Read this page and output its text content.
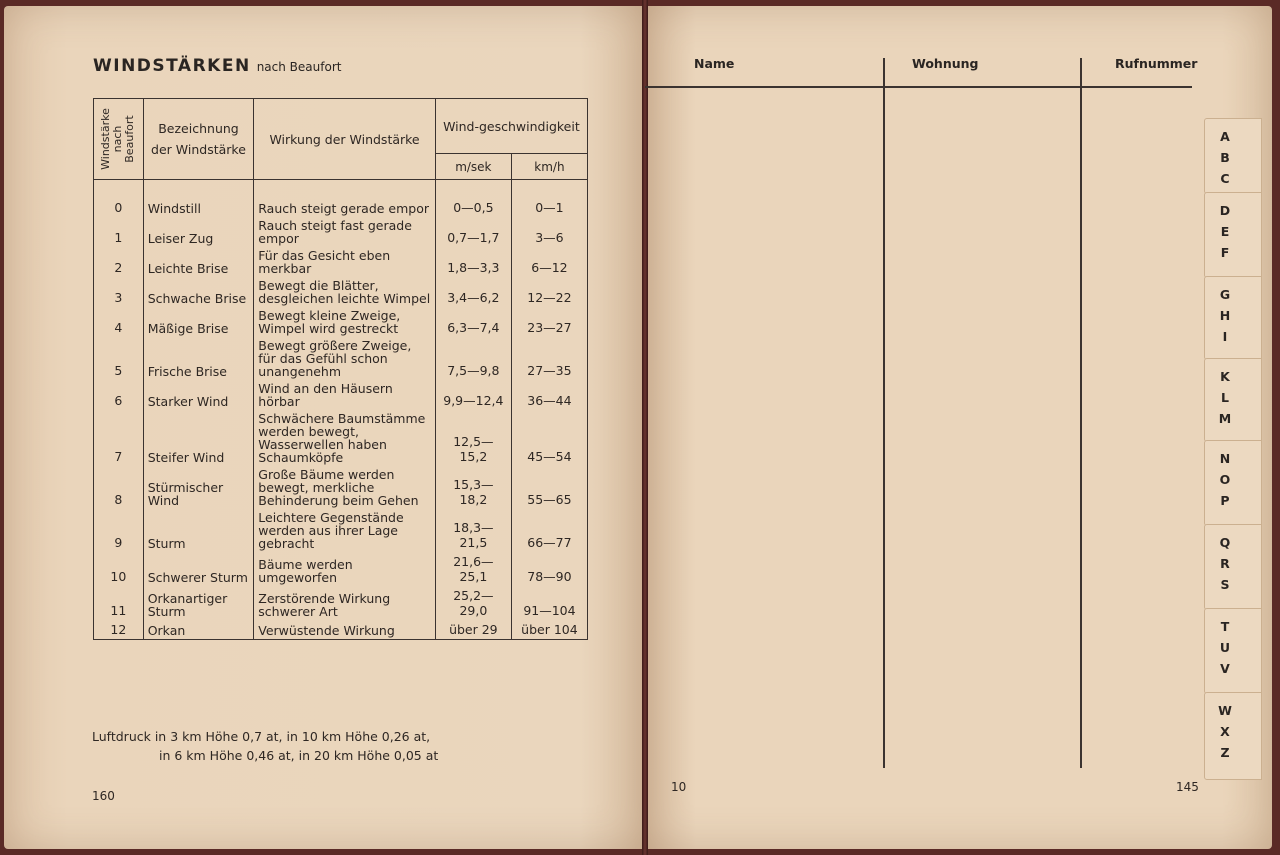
WINDSTÄRKEN nach Beaufort
Windstärke
nach
Beaufort	Bezeichnung der Windstärke	Wirkung der Windstärke	Wind-geschwindigkeit	
			m/sek	km/h

0	Windstill	Rauch steigt gerade empor	0—0,5	0—1
1	Leiser Zug	Rauch steigt fast gerade empor	0,7—1,7	3—6
2	Leichte Brise	Für das Gesicht eben merkbar	1,8—3,3	6—12
3	Schwache Brise	Bewegt die Blätter, desgleichen leichte Wimpel	3,4—6,2	12—22
4	Mäßige Brise	Bewegt kleine Zweige, Wimpel wird gestreckt	6,3—7,4	23—27
5	Frische Brise	Bewegt größere Zweige, für das Gefühl schon unangenehm	7,5—9,8	27—35
6	Starker Wind	Wind an den Häusern hörbar	9,9—12,4	36—44
7	Steifer Wind	Schwächere Baumstämme werden bewegt, Wasserwellen haben Schaumköpfe	12,5—15,2	45—54
8	Stürmischer Wind	Große Bäume werden bewegt, merkliche Behinderung beim Gehen	15,3—18,2	55—65
9	Sturm	Leichtere Gegenstände werden aus ihrer Lage gebracht	18,3—21,5	66—77
10	Schwerer Sturm	Bäume werden umgeworfen	21,6—25,1	78—90
11	Orkanartiger Sturm	Zerstörende Wirkung schwerer Art	25,2—29,0	91—104
12	Orkan	Verwüstende Wirkung	über 29	über 104
Luftdruck in 3 km Höhe 0,7 at, in 10 km Höhe 0,26 at,
in 6 km Höhe 0,46 at, in 20 km Höhe 0,05 at
160
Name	Wohnung	Rufnummer
10	145
A
B
C
D
E
F
G
H
I
K
L
M
N
O
P
Q
R
S
T
U
V
W
X
Z
